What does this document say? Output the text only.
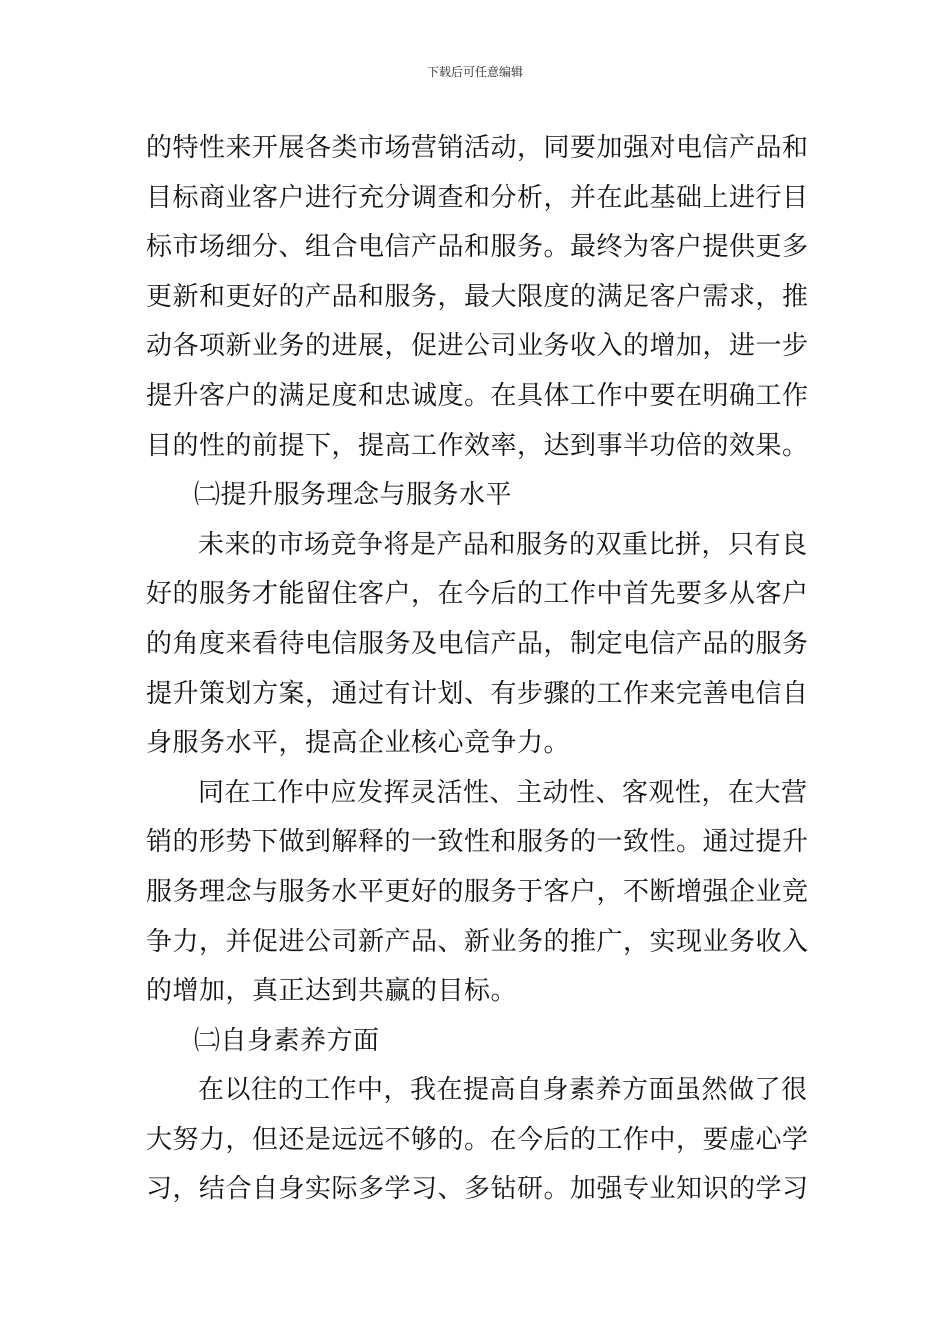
下载后可任意编辑
的特性来开展各类市场营销活动，同要加强对电信产品和
目标商业客户进行充分调查和分析，并在此基础上进行目
标市场细分、组合电信产品和服务。最终为客户提供更多
更新和更好的产品和服务，最大限度的满足客户需求，推
动各项新业务的进展，促进公司业务收入的增加，进一步
提升客户的满足度和忠诚度。在具体工作中要在明确工作
目的性的前提下，提高工作效率，达到事半功倍的效果。
㈡提升服务理念与服务水平
未来的市场竞争将是产品和服务的双重比拼，只有良
好的服务才能留住客户，在今后的工作中首先要多从客户
的角度来看待电信服务及电信产品，制定电信产品的服务
提升策划方案，通过有计划、有步骤的工作来完善电信自
身服务水平，提高企业核心竞争力。
同在工作中应发挥灵活性、主动性、客观性，在大营
销的形势下做到解释的一致性和服务的一致性。通过提升
服务理念与服务水平更好的服务于客户，不断增强企业竞
争力，并促进公司新产品、新业务的推广，实现业务收入
的增加，真正达到共赢的目标。
㈡自身素养方面
在以往的工作中，我在提高自身素养方面虽然做了很
大努力，但还是远远不够的。在今后的工作中，要虚心学
习，结合自身实际多学习、多钻研。加强专业知识的学习
